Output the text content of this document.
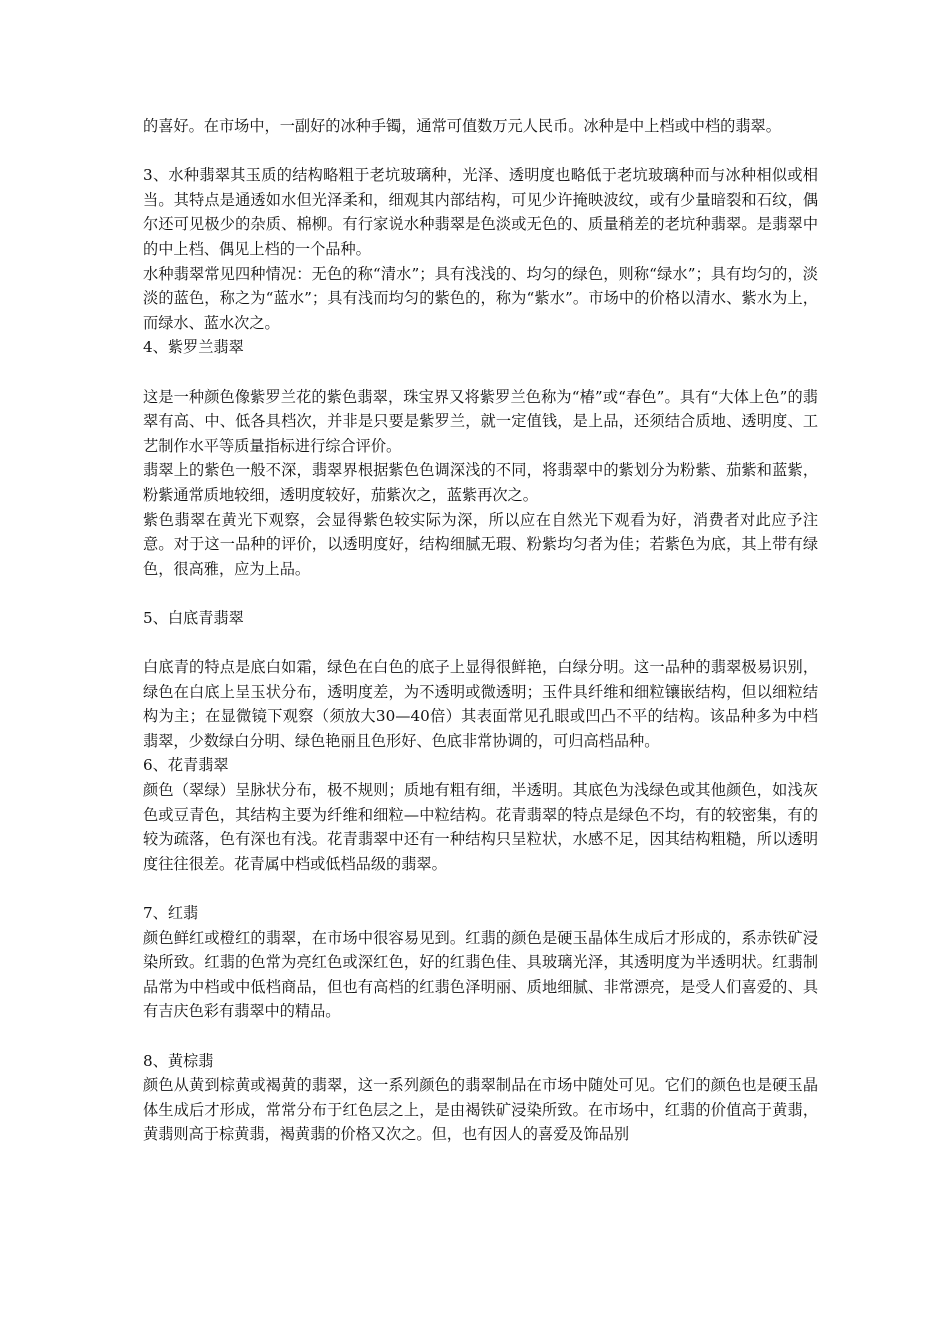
的喜好。在市场中，一副好的冰种手镯，通常可值数万元人民币。冰种是中上档或中档的翡翠。

3、水种翡翠其玉质的结构略粗于老坑玻璃种，光泽、透明度也略低于老坑玻璃种而与冰种相似或相当。其特点是通透如水但光泽柔和，细观其内部结构，可见少许掩映波纹，或有少量暗裂和石纹，偶尔还可见极少的杂质、棉柳。有行家说水种翡翠是色淡或无色的、质量稍差的老坑种翡翠。是翡翠中的中上档、偶见上档的一个品种。

水种翡翠常见四种情况：无色的称“清水”；具有浅浅的、均匀的绿色，则称“绿水”；具有均匀的，淡淡的蓝色，称之为“蓝水”；具有浅而均匀的紫色的，称为“紫水”。市场中的价格以清水、紫水为上，而绿水、蓝水次之。

4、紫罗兰翡翠

这是一种颜色像紫罗兰花的紫色翡翠，珠宝界又将紫罗兰色称为“椿”或“春色”。具有“大体上色”的翡翠有高、中、低各具档次，并非是只要是紫罗兰，就一定值钱，是上品，还须结合质地、透明度、工艺制作水平等质量指标进行综合评价。

翡翠上的紫色一般不深，翡翠界根据紫色色调深浅的不同，将翡翠中的紫划分为粉紫、茄紫和蓝紫，粉紫通常质地较细，透明度较好，茄紫次之，蓝紫再次之。

紫色翡翠在黄光下观察，会显得紫色较实际为深，所以应在自然光下观看为好，消费者对此应予注意。对于这一品种的评价，以透明度好，结构细腻无瑕、粉紫均匀者为佳；若紫色为底，其上带有绿色，很高雅，应为上品。

5、白底青翡翠

白底青的特点是底白如霜，绿色在白色的底子上显得很鲜艳，白绿分明。这一品种的翡翠极易识别，绿色在白底上呈玉状分布，透明度差，为不透明或微透明；玉件具纤维和细粒镶嵌结构，但以细粒结构为主；在显微镜下观察（须放大30—40倍）其表面常见孔眼或凹凸不平的结构。该品种多为中档翡翠，少数绿白分明、绿色艳丽且色形好、色底非常协调的，可归高档品种。

6、花青翡翠

颜色（翠绿）呈脉状分布，极不规则；质地有粗有细，半透明。其底色为浅绿色或其他颜色，如浅灰色或豆青色，其结构主要为纤维和细粒—中粒结构。花青翡翠的特点是绿色不均，有的较密集，有的较为疏落，色有深也有浅。花青翡翠中还有一种结构只呈粒状，水感不足，因其结构粗糙，所以透明度往往很差。花青属中档或低档品级的翡翠。

7、红翡

颜色鲜红或橙红的翡翠，在市场中很容易见到。红翡的颜色是硬玉晶体生成后才形成的，系赤铁矿浸染所致。红翡的色常为亮红色或深红色，好的红翡色佳、具玻璃光泽，其透明度为半透明状。红翡制品常为中档或中低档商品，但也有高档的红翡色泽明丽、质地细腻、非常漂亮，是受人们喜爱的、具有吉庆色彩有翡翠中的精品。

8、黄棕翡

颜色从黄到棕黄或褐黄的翡翠，这一系列颜色的翡翠制品在市场中随处可见。它们的颜色也是硬玉晶体生成后才形成，常常分布于红色层之上，是由褐铁矿浸染所致。在市场中，红翡的价值高于黄翡，黄翡则高于棕黄翡，褐黄翡的价格又次之。但，也有因人的喜爱及饰品别
